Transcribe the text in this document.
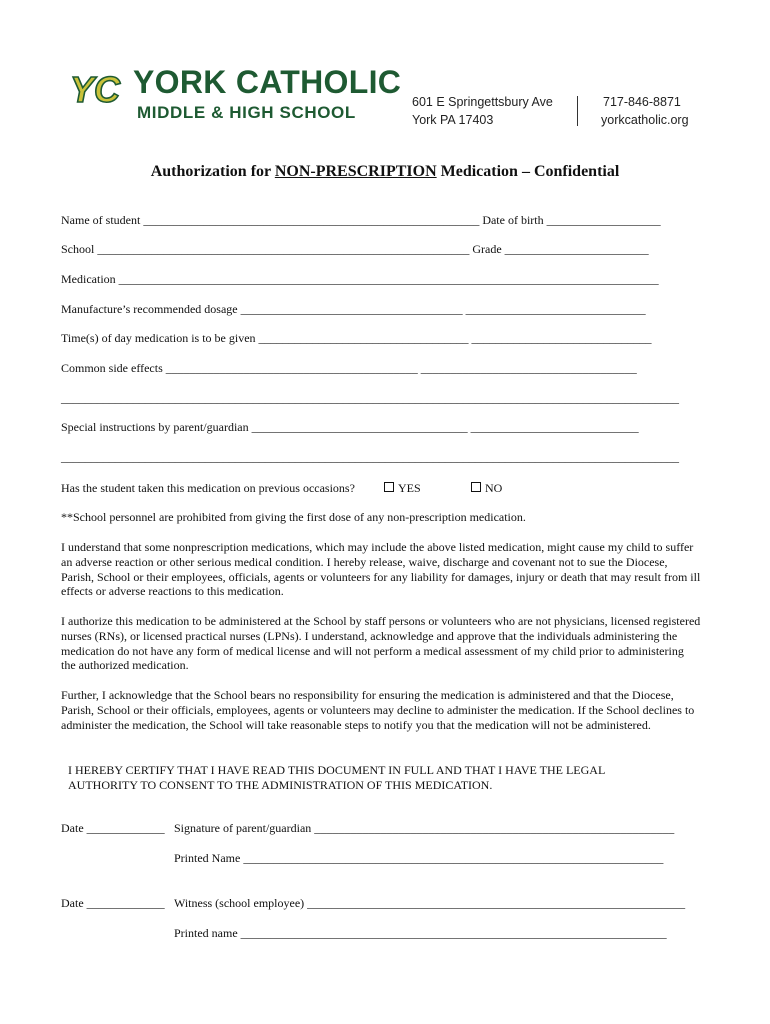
YC YORK CATHOLIC
MIDDLE & HIGH SCHOOL
601 E Springettsbury Ave
York PA 17403
717-846-8871
yorkcatholic.org
Authorization for NON-PRESCRIPTION Medication – Confidential
Name of student ________________________________________________________ Date of birth ___________________
School ______________________________________________________________ Grade ________________________
Medication __________________________________________________________________________________________
Manufacture’s recommended dosage _____________________________________ ______________________________
Time(s) of day medication is to be given ___________________________________ ______________________________
Common side effects __________________________________________ ____________________________________
_______________________________________________________________________________________________________
Special instructions by parent/guardian ____________________________________ ____________________________
_______________________________________________________________________________________________________
Has the student taken this medication on previous occasions?	YES	NO
**School personnel are prohibited from giving the first dose of any non-prescription medication.
I understand that some nonprescription medications, which may include the above listed medication, might cause my child to suffer an adverse reaction or other serious medical condition. I hereby release, waive, discharge and covenant not to sue the Diocese, Parish, School or their employees, officials, agents or volunteers for any liability for damages, injury or death that may result from ill effects or adverse reactions to this medication.
I authorize this medication to be administered at the School by staff persons or volunteers who are not physicians, licensed registered nurses (RNs), or licensed practical nurses (LPNs). I understand, acknowledge and approve that the individuals administering the medication do not have any form of medical license and will not perform a medical assessment of my child prior to administering the authorized medication.
Further, I acknowledge that the School bears no responsibility for ensuring the medication is administered and that the Diocese, Parish, School or their officials, employees, agents or volunteers may decline to administer the medication. If the School declines to administer the medication, the School will take reasonable steps to notify you that the medication will not be administered.
I HEREBY CERTIFY THAT I HAVE READ THIS DOCUMENT IN FULL AND THAT I HAVE THE LEGAL AUTHORITY TO CONSENT TO THE ADMINISTRATION OF THIS MEDICATION.
Date _____________ Signature of parent/guardian ____________________________________________________________
Printed Name ______________________________________________________________________
Date _____________ Witness (school employee) _______________________________________________________________
Printed name _______________________________________________________________________
